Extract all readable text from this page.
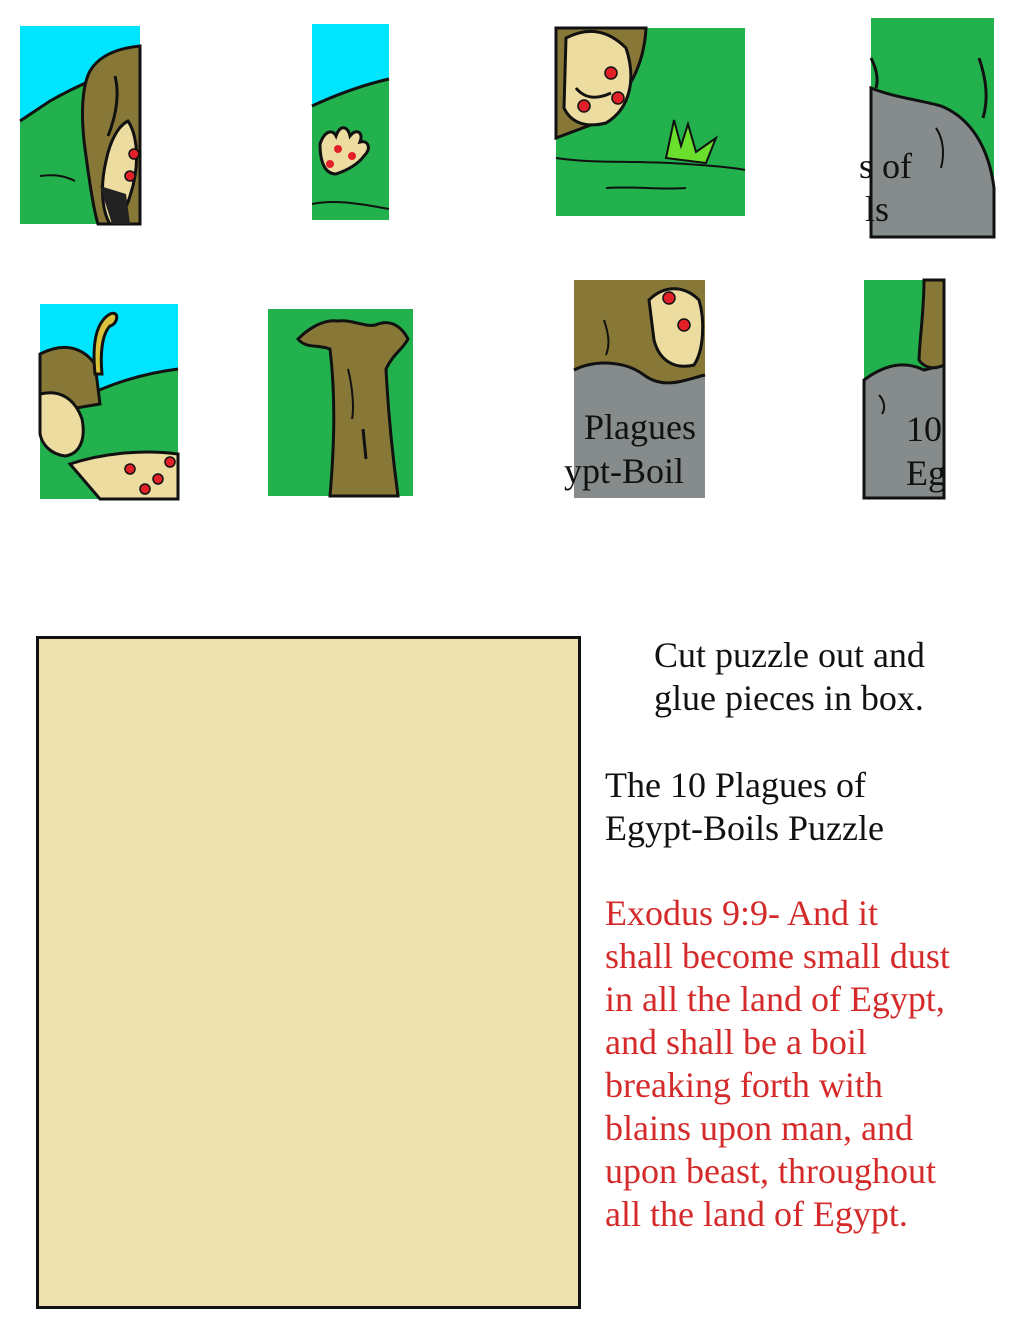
s of
ls
Plagues
ypt-Boil
10
Eg
Cut puzzle out and
glue pieces in box.
The 10 Plagues of
Egypt-Boils Puzzle
Exodus 9:9- And it
shall become small dust
in all the land of Egypt,
and shall be a boil
breaking forth with
blains upon man, and
upon beast, throughout
all the land of Egypt.
